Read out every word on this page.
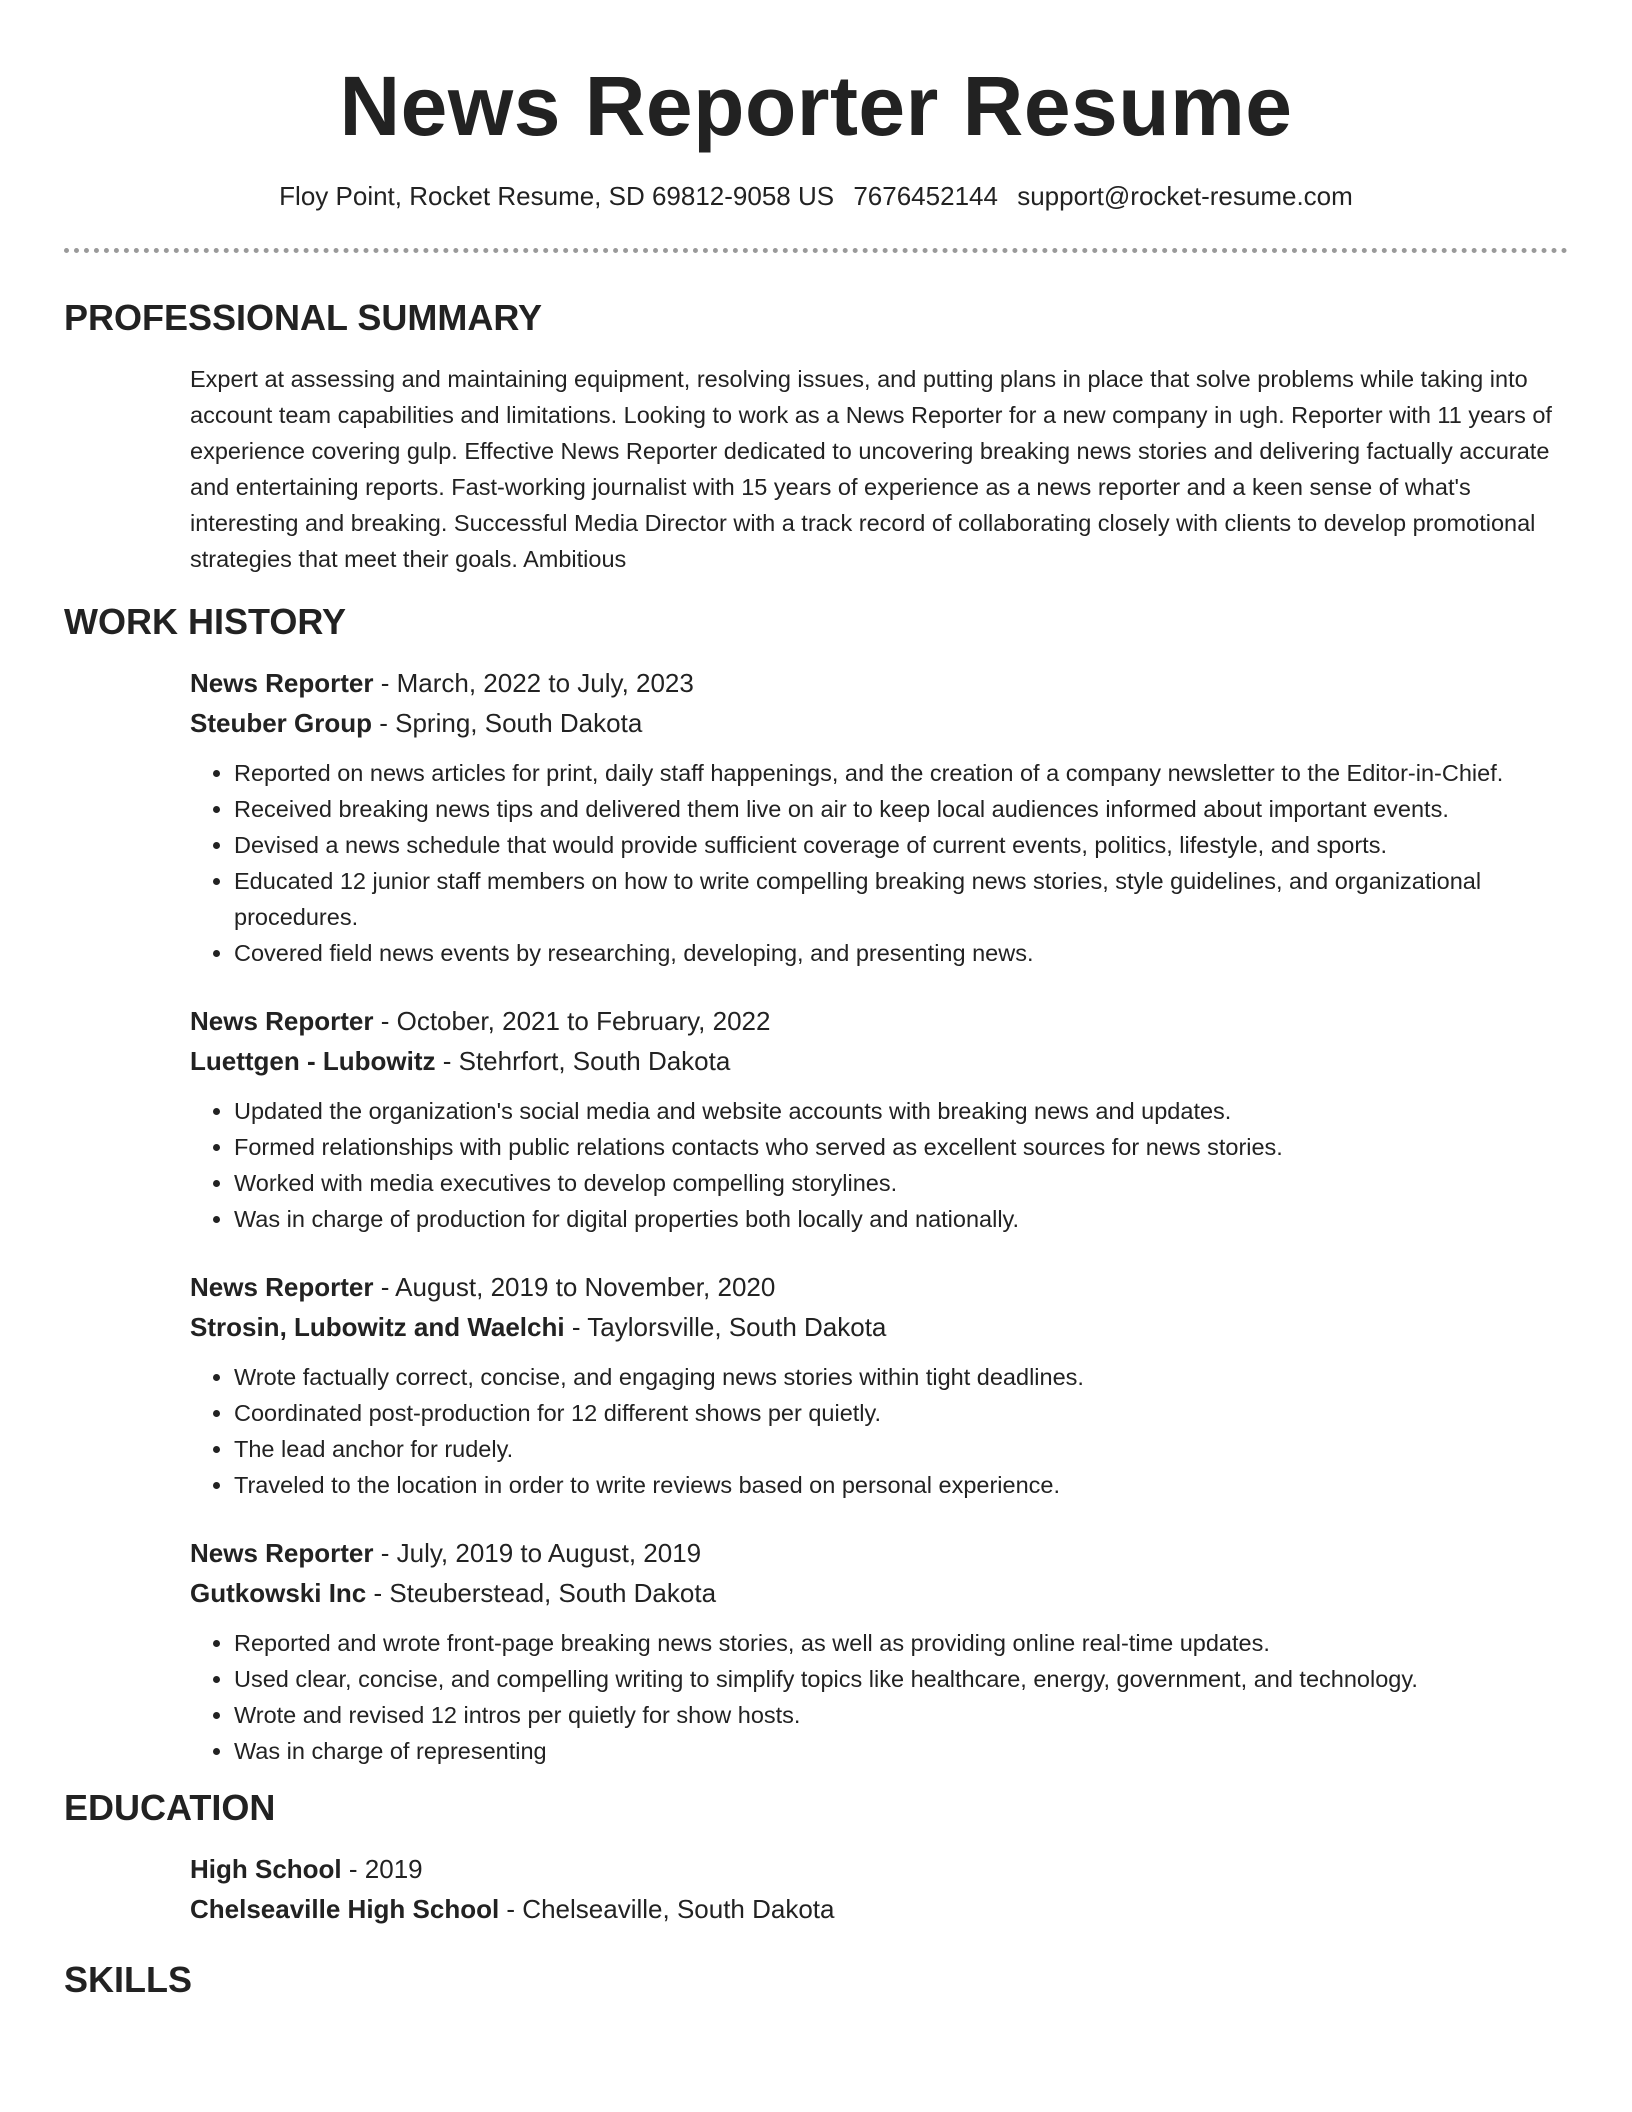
News Reporter Resume
Floy Point, Rocket Resume, SD 69812-9058 US 7676452144 support@rocket-resume.com
PROFESSIONAL SUMMARY

Expert at assessing and maintaining equipment, resolving issues, and putting plans in place that solve problems while taking into account team capabilities and limitations. Looking to work as a News Reporter for a new company in ugh. Reporter with 11 years of experience covering gulp. Effective News Reporter dedicated to uncovering breaking news stories and delivering factually accurate and entertaining reports. Fast-working journalist with 15 years of experience as a news reporter and a keen sense of what's interesting and breaking. Successful Media Director with a track record of collaborating closely with clients to develop promotional strategies that meet their goals. Ambitious

WORK HISTORY

News Reporter - March, 2022 to July, 2023

Steuber Group - Spring, South Dakota

• Reported on news articles for print, daily staff happenings, and the creation of a company newsletter to the Editor-in-Chief.
• Received breaking news tips and delivered them live on air to keep local audiences informed about important events.
• Devised a news schedule that would provide sufficient coverage of current events, politics, lifestyle, and sports.
• Educated 12 junior staff members on how to write compelling breaking news stories, style guidelines, and organizational procedures.
• Covered field news events by researching, developing, and presenting news.

News Reporter - October, 2021 to February, 2022

Luettgen - Lubowitz - Stehrfort, South Dakota

• Updated the organization's social media and website accounts with breaking news and updates.
• Formed relationships with public relations contacts who served as excellent sources for news stories.
• Worked with media executives to develop compelling storylines.
• Was in charge of production for digital properties both locally and nationally.

News Reporter - August, 2019 to November, 2020

Strosin, Lubowitz and Waelchi - Taylorsville, South Dakota

• Wrote factually correct, concise, and engaging news stories within tight deadlines.
• Coordinated post-production for 12 different shows per quietly.
• The lead anchor for rudely.
• Traveled to the location in order to write reviews based on personal experience.

News Reporter - July, 2019 to August, 2019

Gutkowski Inc - Steuberstead, South Dakota

• Reported and wrote front-page breaking news stories, as well as providing online real-time updates.
• Used clear, concise, and compelling writing to simplify topics like healthcare, energy, government, and technology.
• Wrote and revised 12 intros per quietly for show hosts.
• Was in charge of representing
EDUCATION

High School - 2019

Chelseaville High School - Chelseaville, South Dakota

SKILLS
